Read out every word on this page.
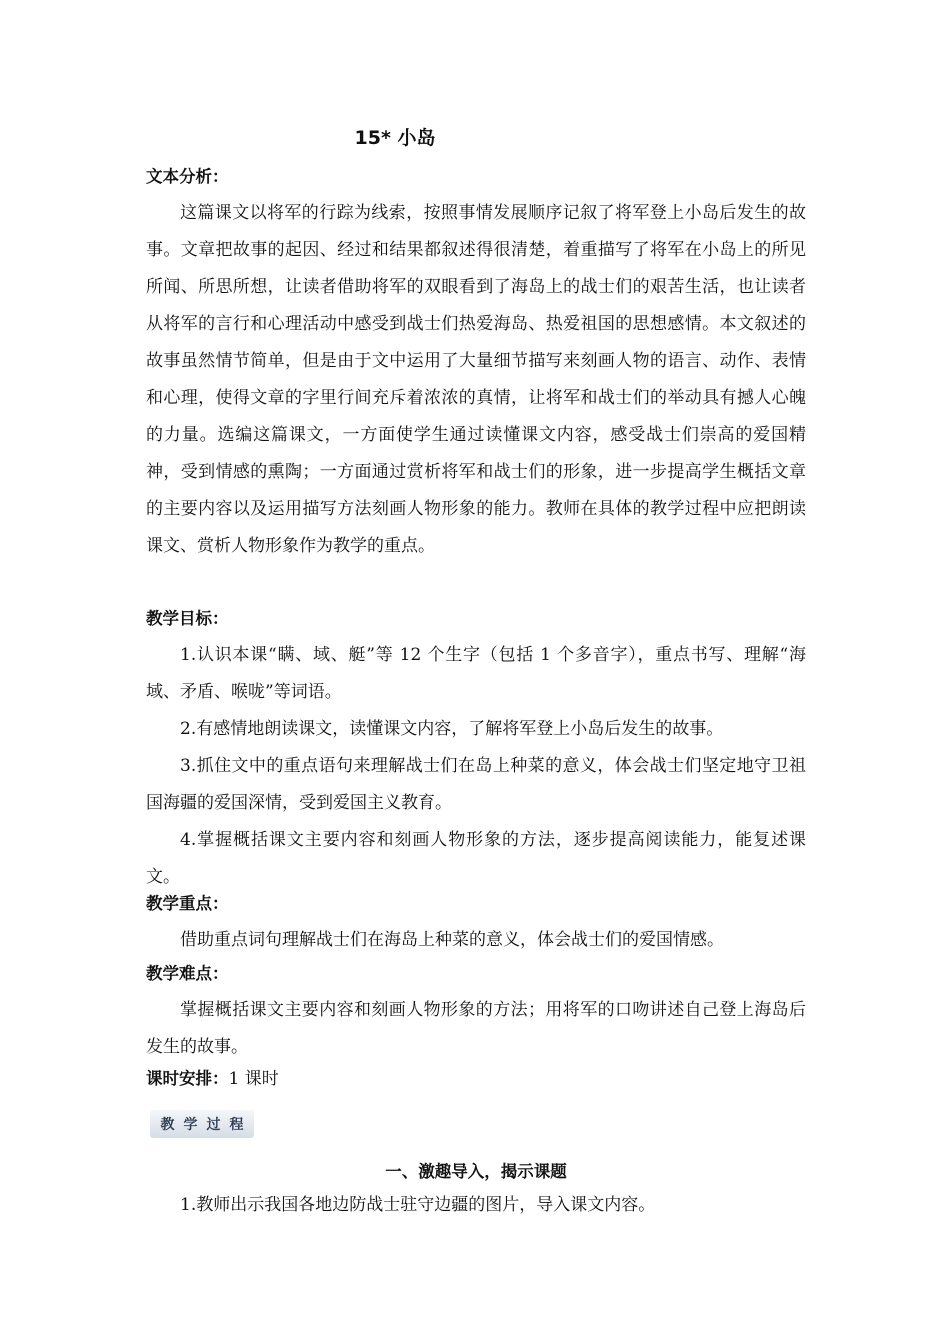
15* 小岛
文本分析：
这篇课文以将军的行踪为线索，按照事情发展顺序记叙了将军登上小岛后发生的故事。文章把故事的起因、经过和结果都叙述得很清楚，着重描写了将军在小岛上的所见所闻、所思所想，让读者借助将军的双眼看到了海岛上的战士们的艰苦生活，也让读者从将军的言行和心理活动中感受到战士们热爱海岛、热爱祖国的思想感情。本文叙述的故事虽然情节简单，但是由于文中运用了大量细节描写来刻画人物的语言、动作、表情和心理，使得文章的字里行间充斥着浓浓的真情，让将军和战士们的举动具有撼人心魄的力量。选编这篇课文，一方面使学生通过读懂课文内容，感受战士们崇高的爱国精神，受到情感的熏陶；一方面通过赏析将军和战士们的形象，进一步提高学生概括文章的主要内容以及运用描写方法刻画人物形象的能力。教师在具体的教学过程中应把朗读课文、赏析人物形象作为教学的重点。
教学目标：
1.认识本课“瞒、域、艇”等 12 个生字（包括 1 个多音字），重点书写、理解“海域、矛盾、喉咙”等词语。
2.有感情地朗读课文，读懂课文内容，了解将军登上小岛后发生的故事。
3.抓住文中的重点语句来理解战士们在岛上种菜的意义，体会战士们坚定地守卫祖国海疆的爱国深情，受到爱国主义教育。
4.掌握概括课文主要内容和刻画人物形象的方法，逐步提高阅读能力，能复述课文。
教学重点：
借助重点词句理解战士们在海岛上种菜的意义，体会战士们的爱国情感。
教学难点：
掌握概括课文主要内容和刻画人物形象的方法；用将军的口吻讲述自己登上海岛后发生的故事。
课时安排：1 课时
教 学 过 程
一、激趣导入，揭示课题
1.教师出示我国各地边防战士驻守边疆的图片，导入课文内容。
